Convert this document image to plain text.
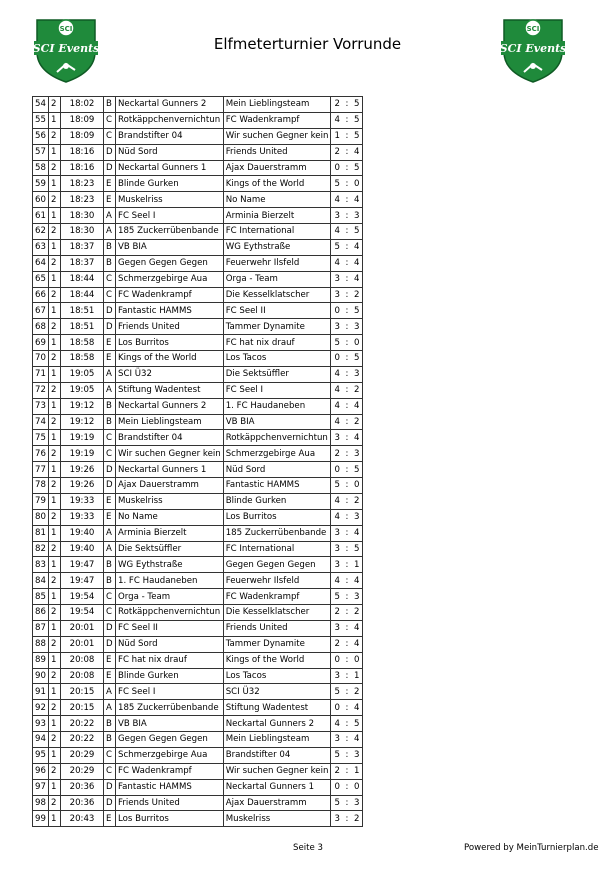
SCI
SCI Events	Elfmeterturnier Vorrunde
SCI
SCI Events
54	2	18:02	B	Neckartal Gunners 2	Mein Lieblingsteam	2 : 5

55	1	18:09	C	Rotkäppchenvernichtun	FC Wadenkrampf	4 : 5

56	2	18:09	C	Brandstifter 04	Wir suchen Gegner kein	1 : 5

57	1	18:16	D	Nüd Sord	Friends United	2 : 4

58	2	18:16	D	Neckartal Gunners 1	Ajax Dauerstramm	0 : 5

59	1	18:23	E	Blinde Gurken	Kings of the World	5 : 0

60	2	18:23	E	Muskelriss	No Name	4 : 4

61	1	18:30	A	FC Seel I	Arminia Bierzelt	3 : 3

62	2	18:30	A	185 Zuckerrübenbande	FC International	4 : 5

63	1	18:37	B	VB BIA	WG Eythstraße	5 : 4

64	2	18:37	B	Gegen Gegen Gegen	Feuerwehr Ilsfeld	4 : 4

65	1	18:44	C	Schmerzgebirge Aua	Orga - Team	3 : 4

66	2	18:44	C	FC Wadenkrampf	Die Kesselklatscher	3 : 2

67	1	18:51	D	Fantastic HAMMS	FC Seel II	0 : 5

68	2	18:51	D	Friends United	Tammer Dynamite	3 : 3

69	1	18:58	E	Los Burritos	FC hat nix drauf	5 : 0

70	2	18:58	E	Kings of the World	Los Tacos	0 : 5

71	1	19:05	A	SCI Ü32	Die Sektsüffler	4 : 3

72	2	19:05	A	Stiftung Wadentest	FC Seel I	4 : 2

73	1	19:12	B	Neckartal Gunners 2	1. FC Haudaneben	4 : 4

74	2	19:12	B	Mein Lieblingsteam	VB BIA	4 : 2

75	1	19:19	C	Brandstifter 04	Rotkäppchenvernichtun	3 : 4

76	2	19:19	C	Wir suchen Gegner kein	Schmerzgebirge Aua	2 : 3

77	1	19:26	D	Neckartal Gunners 1	Nüd Sord	0 : 5

78	2	19:26	D	Ajax Dauerstramm	Fantastic HAMMS	5 : 0

79	1	19:33	E	Muskelriss	Blinde Gurken	4 : 2

80	2	19:33	E	No Name	Los Burritos	4 : 3

81	1	19:40	A	Arminia Bierzelt	185 Zuckerrübenbande	3 : 4

82	2	19:40	A	Die Sektsüffler	FC International	3 : 5

83	1	19:47	B	WG Eythstraße	Gegen Gegen Gegen	3 : 1

84	2	19:47	B	1. FC Haudaneben	Feuerwehr Ilsfeld	4 : 4

85	1	19:54	C	Orga - Team	FC Wadenkrampf	5 : 3

86	2	19:54	C	Rotkäppchenvernichtun	Die Kesselklatscher	2 : 2

87	1	20:01	D	FC Seel II	Friends United	3 : 4

88	2	20:01	D	Nüd Sord	Tammer Dynamite	2 : 4

89	1	20:08	E	FC hat nix drauf	Kings of the World	0 : 0

90	2	20:08	E	Blinde Gurken	Los Tacos	3 : 1

91	1	20:15	A	FC Seel I	SCI Ü32	5 : 2

92	2	20:15	A	185 Zuckerrübenbande	Stiftung Wadentest	0 : 4

93	1	20:22	B	VB BIA	Neckartal Gunners 2	4 : 5

94	2	20:22	B	Gegen Gegen Gegen	Mein Lieblingsteam	3 : 4

95	1	20:29	C	Schmerzgebirge Aua	Brandstifter 04	5 : 3

96	2	20:29	C	FC Wadenkrampf	Wir suchen Gegner kein	2 : 1

97	1	20:36	D	Fantastic HAMMS	Neckartal Gunners 1	0 : 0

98	2	20:36	D	Friends United	Ajax Dauerstramm	5 : 3

99	1	20:43	E	Los Burritos	Muskelriss	3 : 2
Seite 3	Powered by MeinTurnierplan.de
